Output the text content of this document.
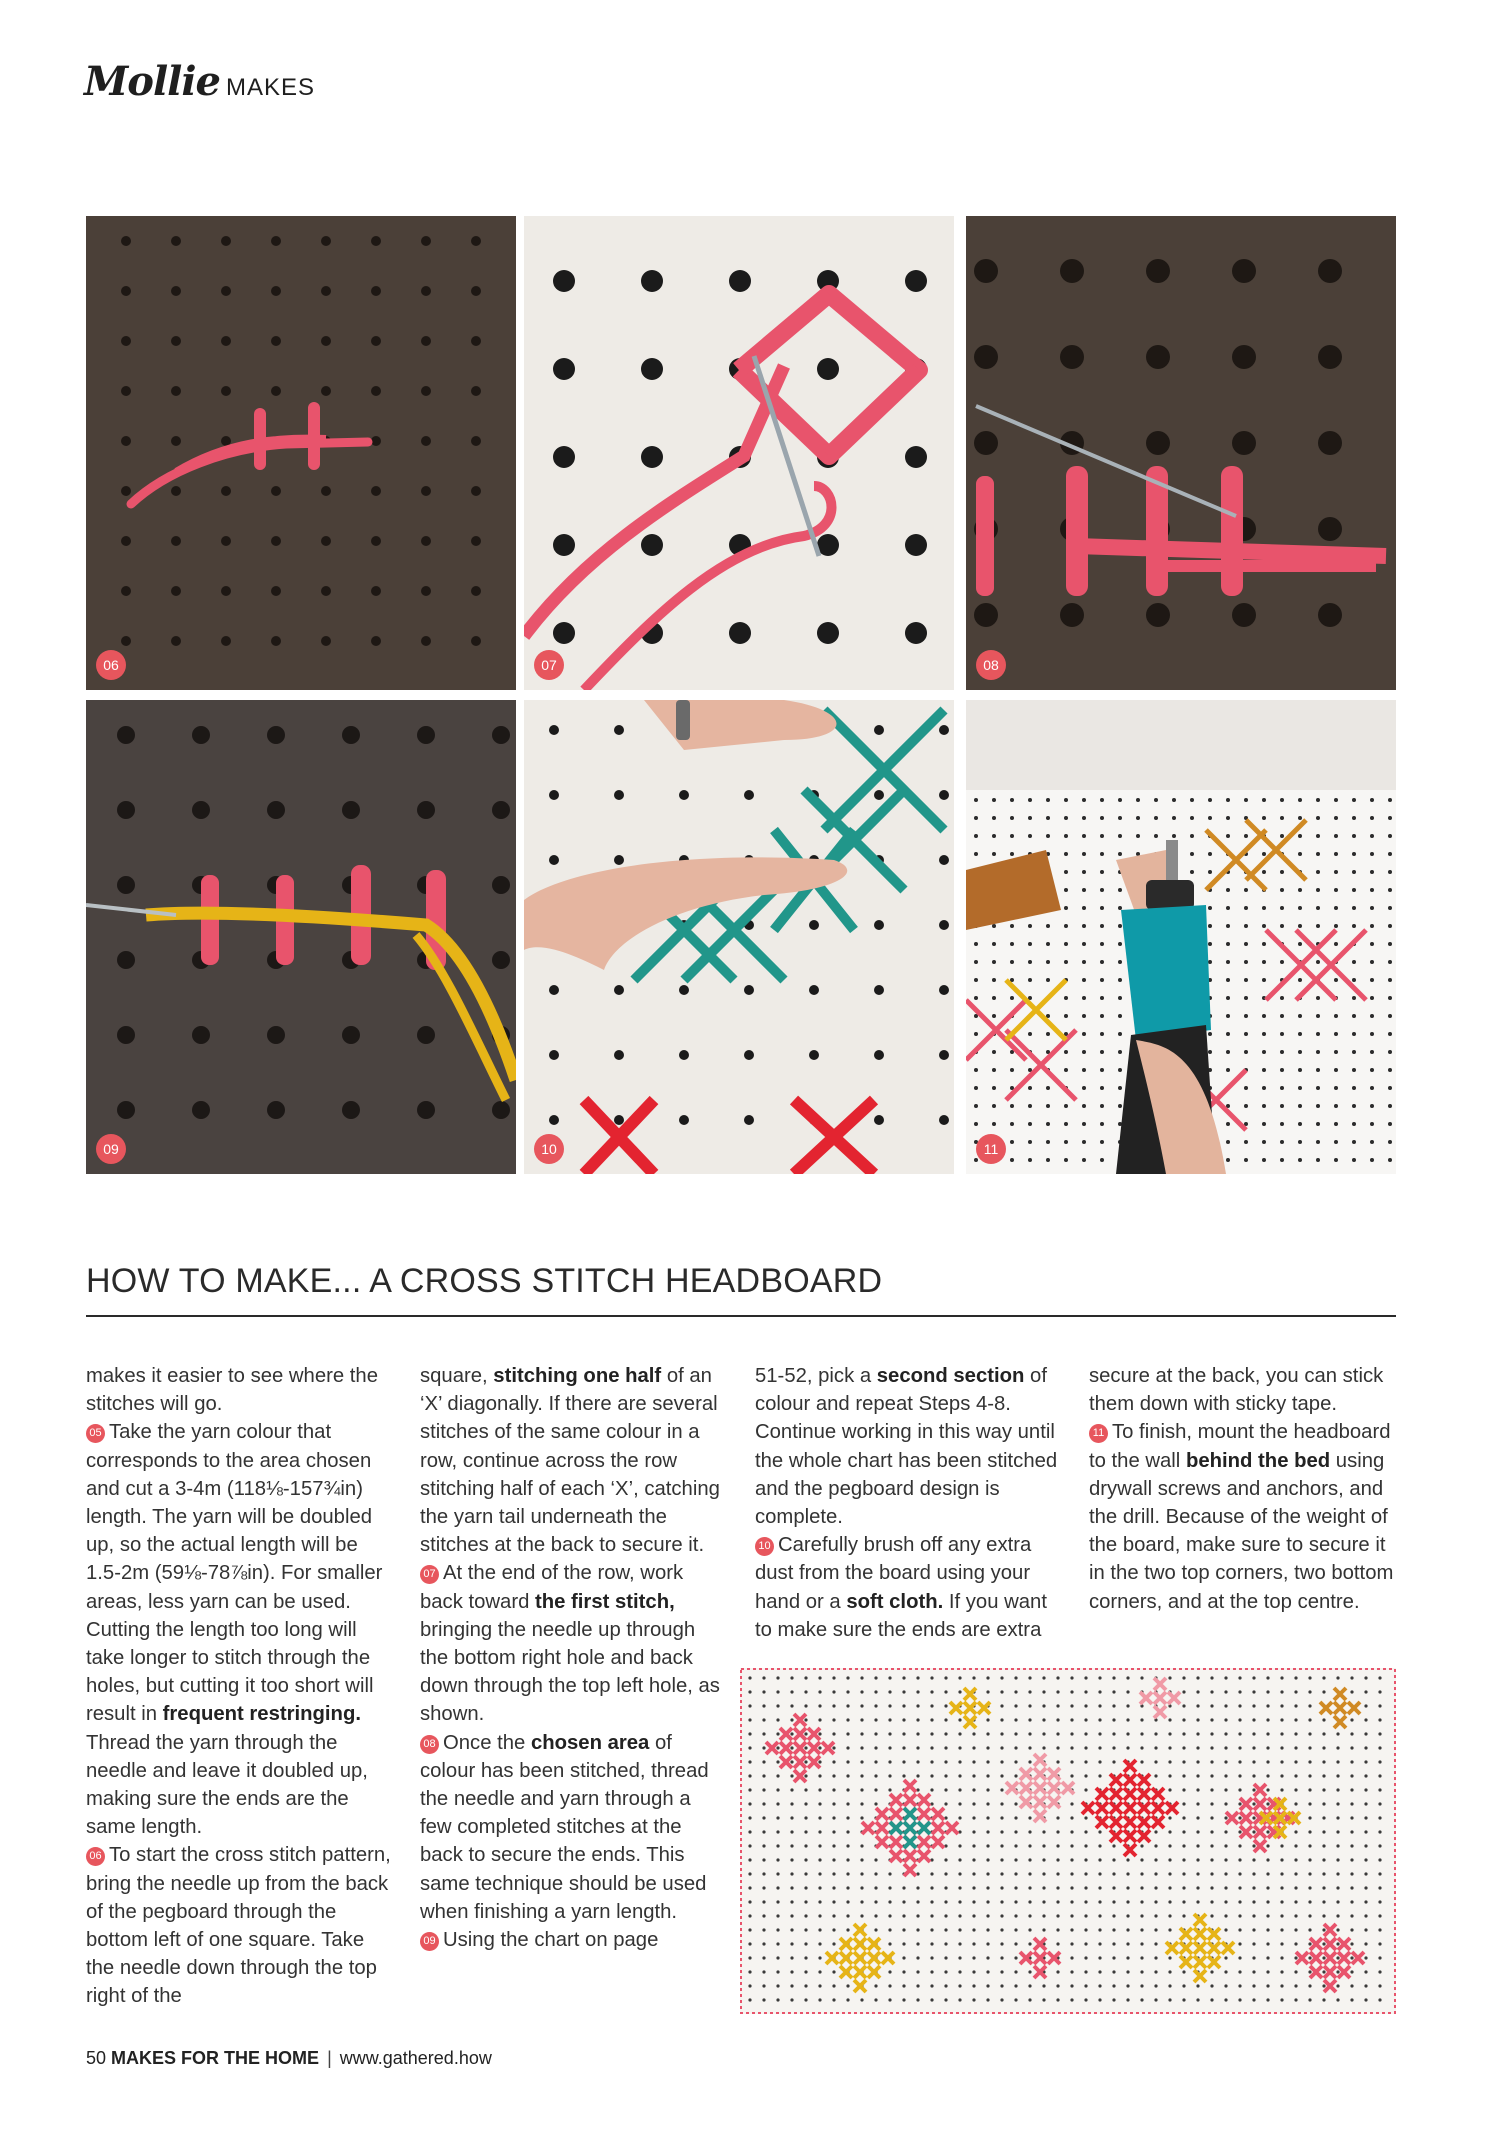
Mollie MAKES
06	07	08
09	10	11
HOW TO MAKE... A CROSS STITCH HEADBOARD

makes it easier to see where the stitches will go.

05 Take the yarn colour that corresponds to the area chosen and cut a 3-4m (118⅛-157¾in) length. The yarn will be doubled up, so the actual length will be 1.5-2m (59⅛-78⅞in). For smaller areas, less yarn can be used. Cutting the length too long will take longer to stitch through the holes, but cutting it too short will result in frequent restringing. Thread the yarn through the needle and leave it doubled up, making sure the ends are the same length.

06 To start the cross stitch pattern, bring the needle up from the back of the pegboard through the bottom left of one square. Take the needle down through the top right of the

square, stitching one half of an ‘X’ diagonally. If there are several stitches of the same colour in a row, continue across the row stitching half of each ‘X’, catching the yarn tail underneath the stitches at the back to secure it.

07 At the end of the row, work back toward the first stitch, bringing the needle up through the bottom right hole and back down through the top left hole, as shown.

08 Once the chosen area of colour has been stitched, thread the needle and yarn through a few completed stitches at the back to secure the ends. This same technique should be used when finishing a yarn length.

09 Using the chart on page

51-52, pick a second section of colour and repeat Steps 4-8. Continue working in this way until the whole chart has been stitched and the pegboard design is complete.

10 Carefully brush off any extra dust from the board using your hand or a soft cloth. If you want to make sure the ends are extra

secure at the back, you can stick them down with sticky tape.

11 To finish, mount the headboard to the wall behind the bed using drywall screws and anchors, and the drill. Because of the weight of the board, make sure to secure it in the two top corners, two bottom corners, and at the top centre.

50 MAKES FOR THE HOME | www.gathered.how
